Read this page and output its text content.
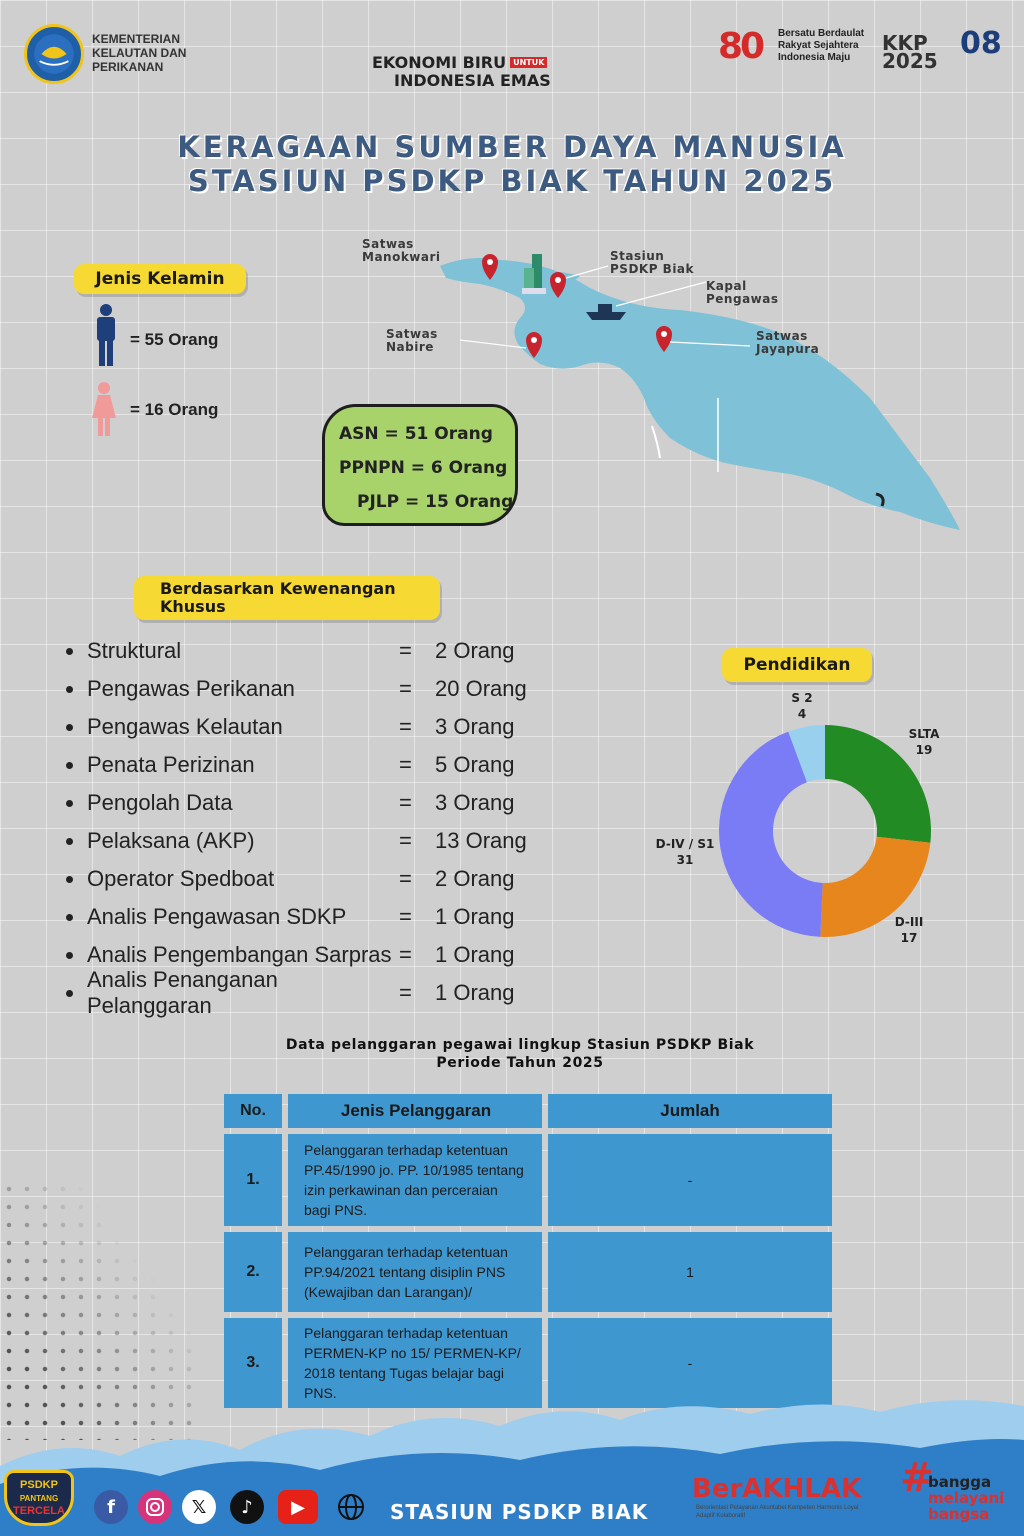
KEMENTERIAN
KELAUTAN DAN
PERIKANAN	EKONOMI BIRU $^{UNTUK}$
INDONESIA EMAS
80 Bersatu Berdaulat
Rakyat Sejahtera
Indonesia Maju
KKP
2025 08
KERAGAAN SUMBER DAYA MANUSIA
STASIUN PSDKP BIAK TAHUN 2025
Jenis Kelamin
= 55 Orang
= 16 Orang
ASN = 51 Orang
PPNPN = 6 Orang
PJLP = 15 Orang
Satwas
Manokwari	Stasiun
PSDKP Biak
Kapal
Pengawas
Satwas
Nabire
Satwas
Jayapura
Berdasarkan Kewenangan
Khusus
Struktural	=	2 Orang
Pengawas Perikanan	=	20 Orang
Pengawas Kelautan	=	3 Orang
Penata Perizinan	=	5 Orang
Pengolah Data	=	3 Orang
Pelaksana (AKP)	=	13 Orang
Operator Spedboat	=	2 Orang
Analis Pengawasan SDKP	=	1 Orang
Analis Pengembangan Sarpras =	1 Orang
Analis Penanganan Pelanggaran
=	1 Orang
Pendidikan
SLTA
19
D-III
17
D-IV / S1
31
S 2
4
Data pelanggaran pegawai lingkup Stasiun PSDKP Biak
Periode Tahun 2025
No.	Jenis Pelanggaran	Jumlah
1.	Pelanggaran terhadap ketentuan PP.45/1990 jo. PP. 10/1985 tentang izin perkawinan dan perceraian bagi PNS.	-
2.	Pelanggaran terhadap ketentuan PP.94/2021 tentang disiplin PNS (Kewajiban dan Larangan)/	1
3.	Pelanggaran terhadap ketentuan PERMEN-KP no 15/ PERMEN-KP/ 2018 tentang Tugas belajar bagi PNS.	-
PSDKP
PANTANG
TERCELA	f	𝕏	♪	▶	STASIUN PSDKP BIAK
BerAKHLAK
Berorientasi Pelayanan Akuntabel Kompeten Harmonis Loyal Adaptif Kolaboratif
#
bangga
melayani
bangsa
